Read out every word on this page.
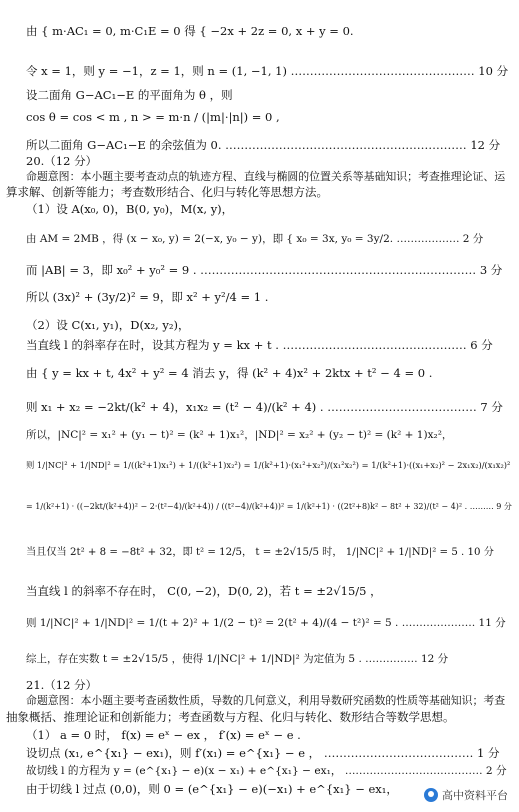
由 { m·AC₁ = 0, m·C₁E = 0 得 { −2x + 2z = 0, x + y = 0.
令 x = 1，则 y = −1，z = 1，则 n = (1, −1, 1) ………………………………………… 10 分
设二面角 G−AC₁−E 的平面角为 θ ，则
cos θ = cos < m , n > = m·n / (|m|·|n|) = 0 ,
所以二面角 G−AC₁−E 的余弦值为 0. ……………………………………………………… 12 分
20.（12 分）
命题意图：本小题主要考查动点的轨迹方程、直线与椭圆的位置关系等基础知识；考查推理论证、运
算求解、创新等能力；考查数形结合、化归与转化等思想方法。
（1）设 A(x₀, 0)，B(0, y₀)，M(x, y)，
由 AM = 2MB ，得 (x − x₀, y) = 2(−x, y₀ − y)，即 { x₀ = 3x, y₀ = 3y/2. ……………… 2 分
而 |AB| = 3，即 x₀² + y₀² = 9 . ……………………………………………………………… 3 分
所以 (3x)² + (3y/2)² = 9，即 x² + y²/4 = 1 .
（2）设 C(x₁, y₁)，D(x₂, y₂)，
当直线 l 的斜率存在时，设其方程为 y = kx + t . ………………………………………… 6 分
由 { y = kx + t, 4x² + y² = 4 消去 y，得 (k² + 4)x² + 2ktx + t² − 4 = 0 .
则 x₁ + x₂ = −2kt/(k² + 4)，x₁x₂ = (t² − 4)/(k² + 4) . ………………………………… 7 分
所以，|NC|² = x₁² + (y₁ − t)² = (k² + 1)x₁²，|ND|² = x₂² + (y₂ − t)² = (k² + 1)x₂²，
则 1/|NC|² + 1/|ND|² = 1/((k²+1)x₁²) + 1/((k²+1)x₂²) = 1/(k²+1)·(x₁²+x₂²)/(x₁²x₂²) = 1/(k²+1)·((x₁+x₂)² − 2x₁x₂)/(x₁x₂)²
= 1/(k²+1) · ((−2kt/(k²+4))² − 2·(t²−4)/(k²+4)) / ((t²−4)/(k²+4))² = 1/(k²+1) · ((2t²+8)k² − 8t² + 32)/(t² − 4)² . ……… 9 分
当且仅当 2t² + 8 = −8t² + 32，即 t² = 12/5， t = ±2√15/5 时， 1/|NC|² + 1/|ND|² = 5 . 10 分
当直线 l 的斜率不存在时， C(0, −2)，D(0, 2)，若 t = ±2√15/5 ，
则 1/|NC|² + 1/|ND|² = 1/(t + 2)² + 1/(2 − t)² = 2(t² + 4)/(4 − t²)² = 5 . ………………… 11 分
综上，存在实数 t = ±2√15/5 ，使得 1/|NC|² + 1/|ND|² 为定值为 5 . …………… 12 分
21.（12 分）
命题意图：本小题主要考查函数性质，导数的几何意义，利用导数研究函数的性质等基础知识；考查
抽象概括、推理论证和创新能力；考查函数与方程、化归与转化、数形结合等数学思想。
（1） a = 0 时， f(x) = eˣ − ex ， f′(x) = eˣ − e .
设切点 (x₁, e^{x₁} − ex₁)，则 f′(x₁) = e^{x₁} − e ， ………………………………… 1 分
故切线 l 的方程为 y = (e^{x₁} − e)(x − x₁) + e^{x₁} − ex₁， ………………………………… 2 分
由于切线 l 过点 (0,0)，则 0 = (e^{x₁} − e)(−x₁) + e^{x₁} − ex₁，	高中资料平台
